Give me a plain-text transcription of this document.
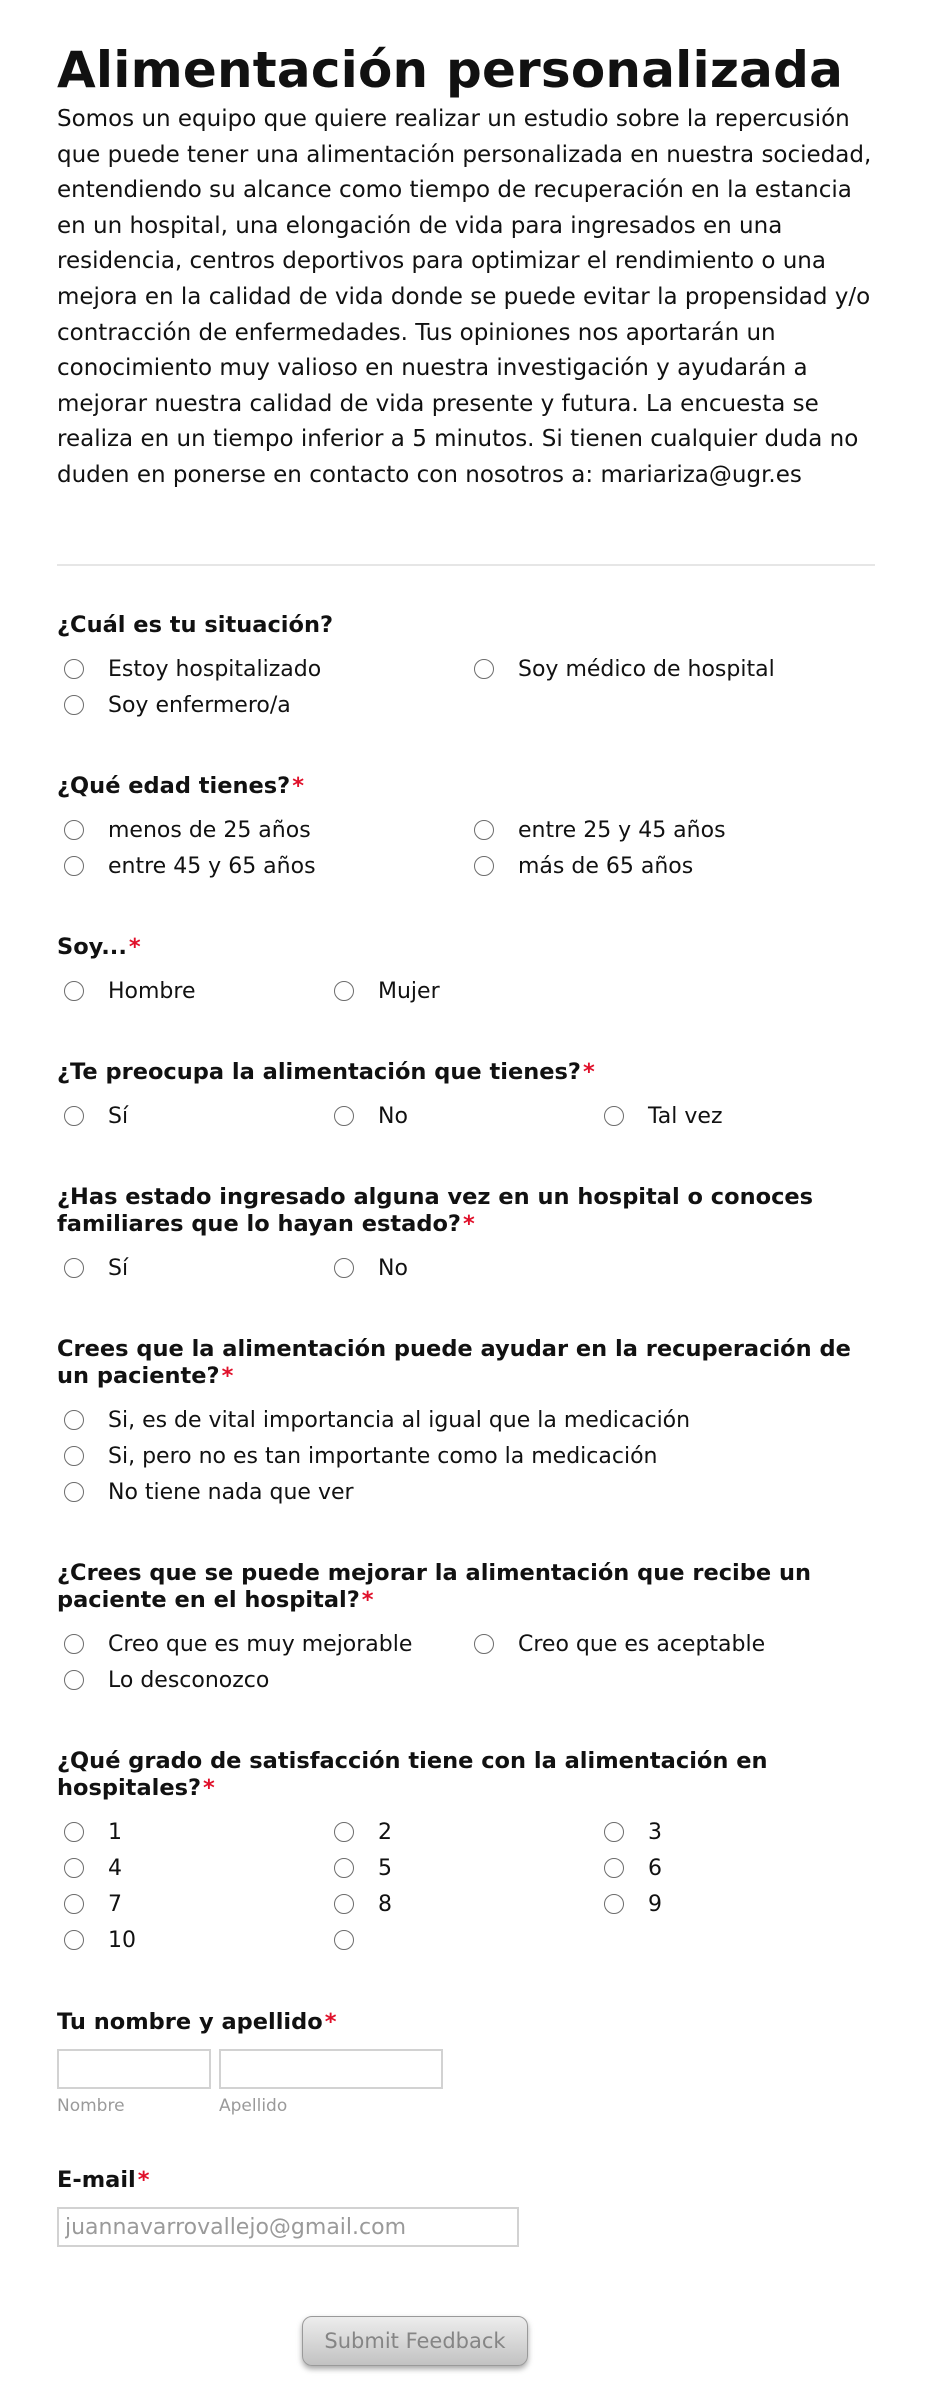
Alimentación personalizada

Somos un equipo que quiere realizar un estudio sobre la repercusión que puede tener una alimentación personalizada en nuestra sociedad, entendiendo su alcance como tiempo de recuperación en la estancia en un hospital, una elongación de vida para ingresados en una residencia, centros deportivos para optimizar el rendimiento o una mejora en la calidad de vida donde se puede evitar la propensidad y/o contracción de enfermedades. Tus opiniones nos aportarán un conocimiento muy valioso en nuestra investigación y ayudarán a mejorar nuestra calidad de vida presente y futura. La encuesta se realiza en un tiempo inferior a 5 minutos. Si tienen cualquier duda no duden en ponerse en contacto con nosotros a: mariariza@ugr.es

¿Cuál es tu situación?
Estoy hospitalizado	Soy médico de hospital
Soy enfermero/a
¿Qué edad tienes?*
menos de 25 años	entre 25 y 45 años
entre 45 y 65 años	más de 65 años
Soy...*
Hombre	Mujer
¿Te preocupa la alimentación que tienes?*
Sí	No	Tal vez
¿Has estado ingresado alguna vez en un hospital o conoces familiares que lo hayan estado?*
Sí	No
Crees que la alimentación puede ayudar en la recuperación de un paciente?*
Si, es de vital importancia al igual que la medicación
Si, pero no es tan importante como la medicación
No tiene nada que ver
¿Crees que se puede mejorar la alimentación que recibe un paciente en el hospital?*
Creo que es muy mejorable	Creo que es aceptable
Lo desconozco
¿Qué grado de satisfacción tiene con la alimentación en hospitales?*
1	2	3
4	5	6
7	8	9
10
Tu nombre y apellido*
Nombre	Apellido
E-mail*
juannavarrovallejo@gmail.com
Submit Feedback
